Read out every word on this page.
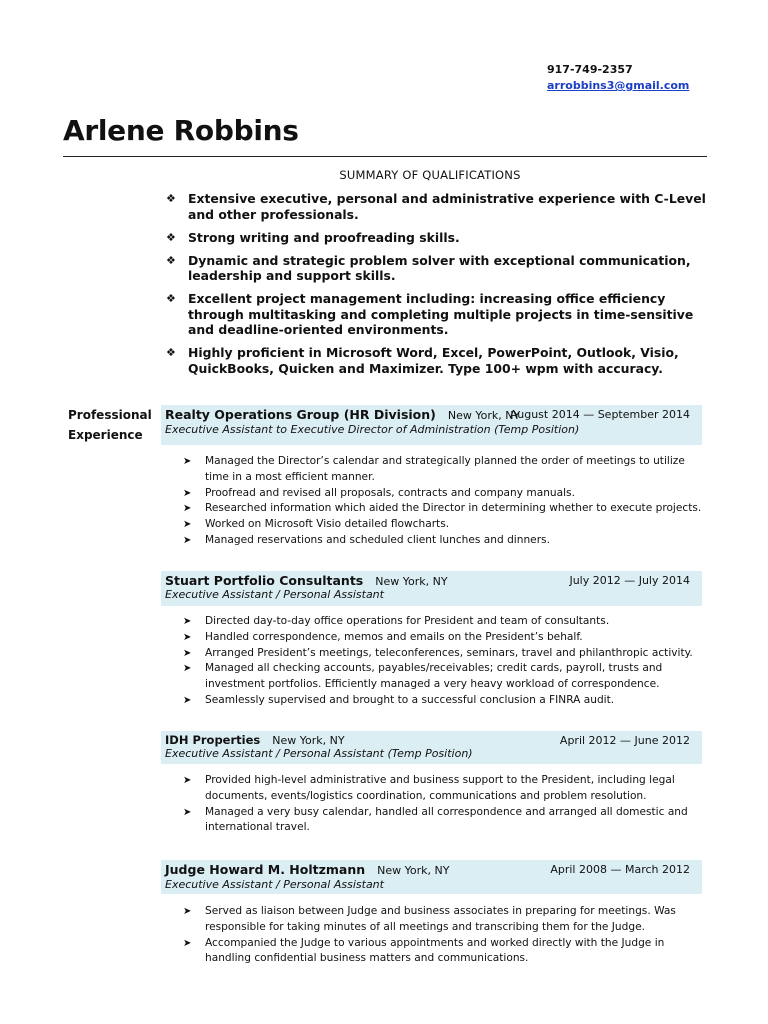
917-749-2357
arrobbins3@gmail.com
Arlene Robbins
SUMMARY OF QUALIFICATIONS
❖ Extensive executive, personal and administrative experience with C-Level and other professionals.
❖ Strong writing and proofreading skills.
❖ Dynamic and strategic problem solver with exceptional communication, leadership and support skills.
❖ Excellent project management including: increasing office efficiency through multitasking and completing multiple projects in time-sensitive and deadline-oriented environments.
❖ Highly proficient in Microsoft Word, Excel, PowerPoint, Outlook, Visio, QuickBooks, Quicken and Maximizer. Type 100+ wpm with accuracy.
Professional
Experience
Realty Operations Group (HR Division) New York, NY
August 2014 — September 2014
Executive Assistant to Executive Director of Administration (Temp Position)
➤ Managed the Director’s calendar and strategically planned the order of meetings to utilize time in a most efficient manner.
➤ Proofread and revised all proposals, contracts and company manuals.
➤ Researched information which aided the Director in determining whether to execute projects.
➤ Worked on Microsoft Visio detailed flowcharts.
➤ Managed reservations and scheduled client lunches and dinners.
Stuart Portfolio Consultants New York, NY	July 2012 — July 2014
Executive Assistant / Personal Assistant
➤ Directed day-to-day office operations for President and team of consultants.
➤ Handled correspondence, memos and emails on the President’s behalf.
➤ Arranged President’s meetings, teleconferences, seminars, travel and philanthropic activity.
➤ Managed all checking accounts, payables/receivables; credit cards, payroll, trusts and investment portfolios. Efficiently managed a very heavy workload of correspondence.
➤ Seamlessly supervised and brought to a successful conclusion a FINRA audit.
IDH Properties New York, NY	April 2012 — June 2012
Executive Assistant / Personal Assistant (Temp Position)
➤ Provided high-level administrative and business support to the President, including legal documents, events/logistics coordination, communications and problem resolution.
➤ Managed a very busy calendar, handled all correspondence and arranged all domestic and international travel.
Judge Howard M. Holtzmann New York, NY	April 2008 — March 2012
Executive Assistant / Personal Assistant
➤ Served as liaison between Judge and business associates in preparing for meetings. Was responsible for taking minutes of all meetings and transcribing them for the Judge.
➤ Accompanied the Judge to various appointments and worked directly with the Judge in handling confidential business matters and communications.
